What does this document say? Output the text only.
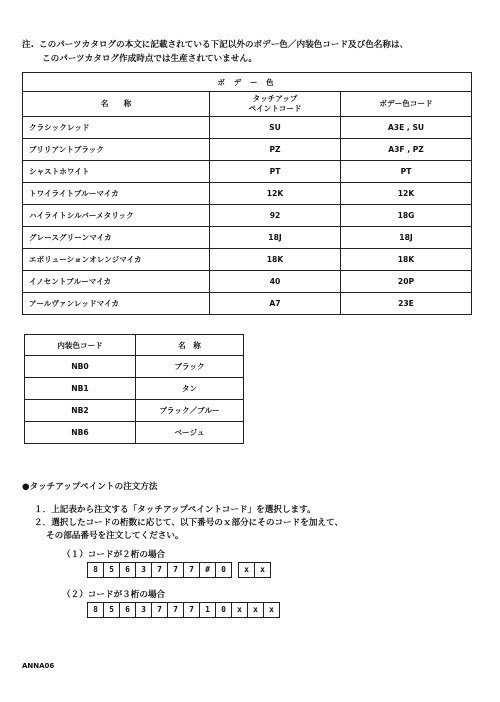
注. このパーツカタログの本文に記載されている下記以外のボデー色／内装色コード及び色名称は、
このパーツカタログ作成時点では生産されていません。
ボ デ ー 色		
名　　称	タッチアップ
ペイントコード	ボデー色コード
クラシックレッド	SU	A3E , SU
ブリリアントブラック	PZ	A3F , PZ
シャストホワイト	PT	PT
トワイライトブルーマイカ	12K	12K
ハイライトシルバーメタリック	92	18G
グレースグリーンマイカ	18J	18J
エボリューションオレンジマイカ	18K	18K
イノセントブルーマイカ	40	20P
アールヴァンレッドマイカ	A7	23E
内装色コード	名　称
NB0	ブラック
NB1	タン
NB2	ブラック／ブルー
NB6	ベージュ
●タッチアップペイントの注文方法
１．上記表から注文する「タッチアップペイントコード」を選択します。
２．選択したコードの桁数に応じて、以下番号のｘ部分にそのコードを加えて、
その部品番号を注文してください。
（１）コードが２桁の場合
8	5	6	3	7	7	7	#	0	x	x
（２）コードが３桁の場合
8	5	6	3	7	7	7	1	0	x	x	x
ANNA06
